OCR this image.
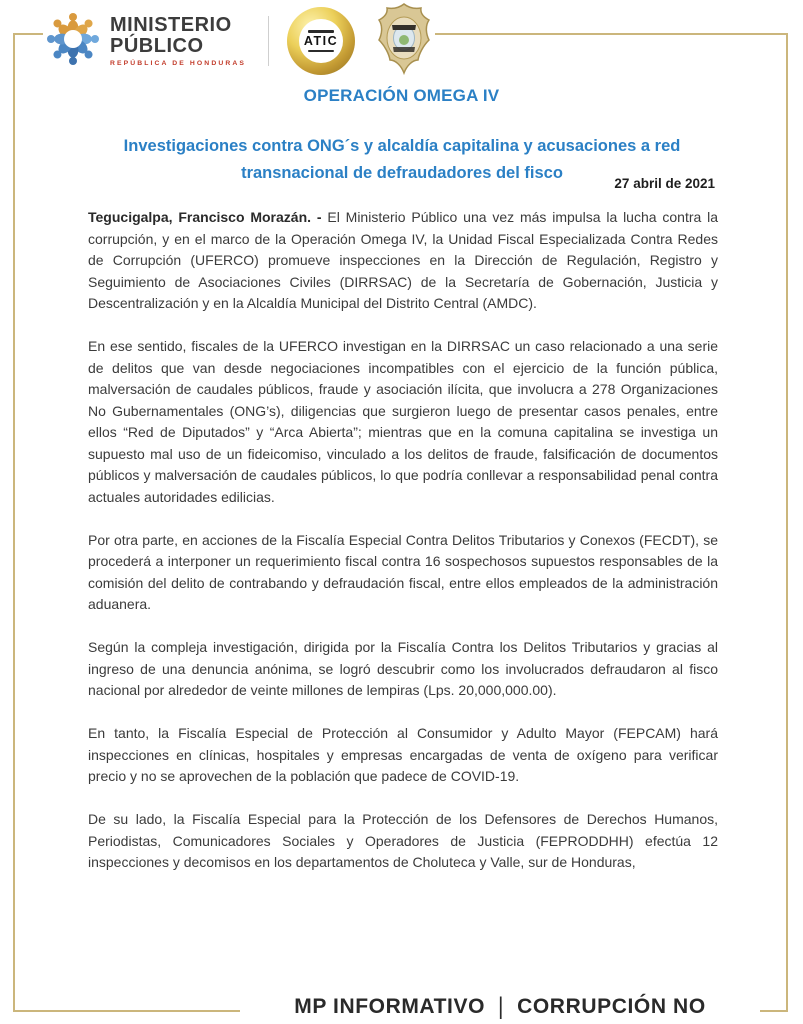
MINISTERIO
PÚBLICO
REPÚBLICA DE HONDURAS
ATIC
OPERACIÓN OMEGA IV
Investigaciones contra ONG´s y alcaldía capitalina y acusaciones a red transnacional de defraudadores del fisco
27 abril de 2021

Tegucigalpa, Francisco Morazán. - El Ministerio Público una vez más impulsa la lucha contra la corrupción, y en el marco de la Operación Omega IV, la Unidad Fiscal Especializada Contra Redes de Corrupción (UFERCO) promueve inspecciones en la Dirección de Regulación, Registro y Seguimiento de Asociaciones Civiles (DIRRSAC) de la Secretaría de Gobernación, Justicia y Descentralización y en la Alcaldía Municipal del Distrito Central (AMDC).

En ese sentido, fiscales de la UFERCO investigan en la DIRRSAC un caso relacionado a una serie de delitos que van desde negociaciones incompatibles con el ejercicio de la función pública, malversación de caudales públicos, fraude y asociación ilícita, que involucra a 278 Organizaciones No Gubernamentales (ONG’s), diligencias que surgieron luego de presentar casos penales, entre ellos “Red de Diputados” y “Arca Abierta”; mientras que en la comuna capitalina se investiga un supuesto mal uso de un fideicomiso, vinculado a los delitos de fraude, falsificación de documentos públicos y malversación de caudales públicos, lo que podría conllevar a responsabilidad penal contra actuales autoridades edilicias.

Por otra parte, en acciones de la Fiscalía Especial Contra Delitos Tributarios y Conexos (FECDT), se procederá a interponer un requerimiento fiscal contra 16 sospechosos supuestos responsables de la comisión del delito de contrabando y defraudación fiscal, entre ellos empleados de la administración aduanera.

Según la compleja investigación, dirigida por la Fiscalía Contra los Delitos Tributarios y gracias al ingreso de una denuncia anónima, se logró descubrir como los involucrados defraudaron al fisco nacional por alrededor de veinte millones de lempiras (Lps. 20,000,000.00).

En tanto, la Fiscalía Especial de Protección al Consumidor y Adulto Mayor (FEPCAM) hará inspecciones en clínicas, hospitales y empresas encargadas de venta de oxígeno para verificar precio y no se aprovechen de la población que padece de COVID-19.

De su lado, la Fiscalía Especial para la Protección de los Defensores de Derechos Humanos, Periodistas, Comunicadores Sociales y Operadores de Justicia (FEPRODDHH) efectúa 12 inspecciones y decomisos en los departamentos de Choluteca y Valle, sur de Honduras,

MP INFORMATIVO | CORRUPCIÓN NO
